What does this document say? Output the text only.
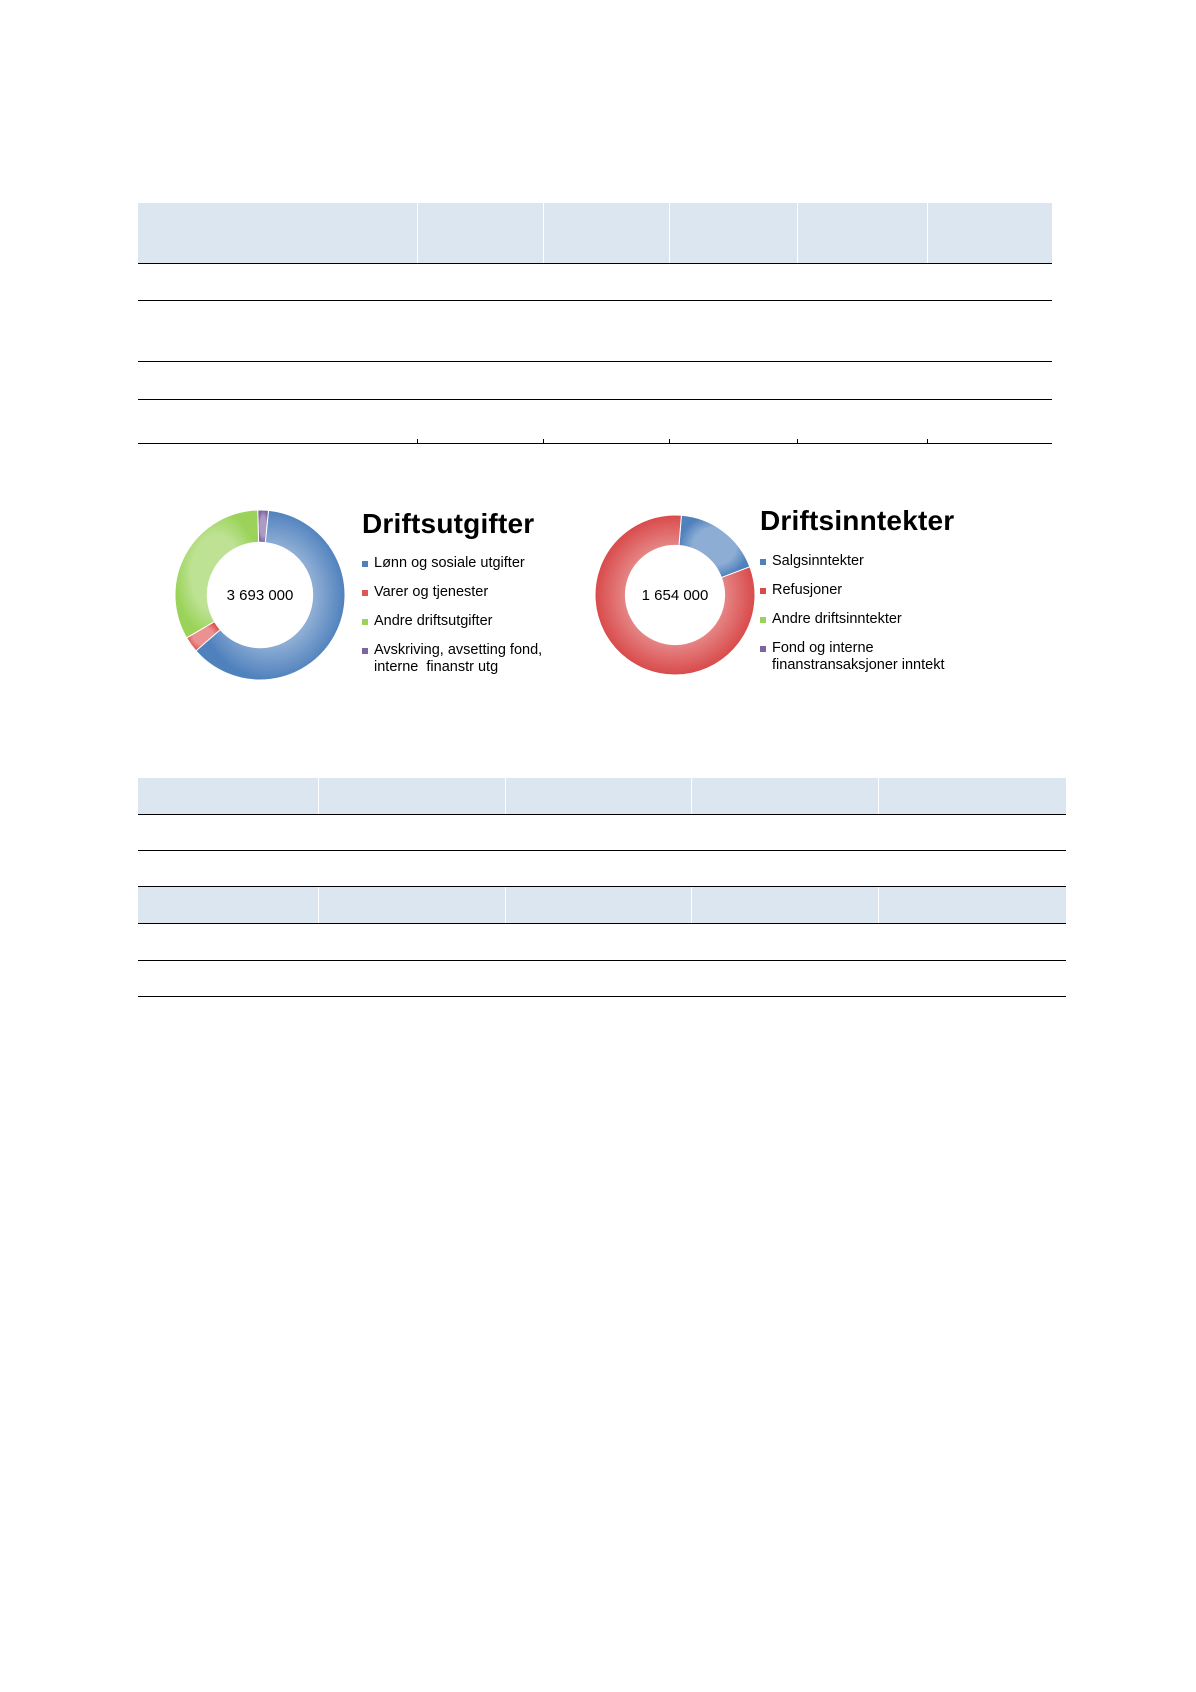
3 693 000
Driftsutgifter
Lønn og sosiale utgifter
Varer og tjenester
Andre driftsutgifter
Avskriving, avsetting fond, interne  finanstr utg
1 654 000
Driftsinntekter
Salgsinntekter
Refusjoner
Andre driftsinntekter
Fond og interne finanstransaksjoner inntekt
